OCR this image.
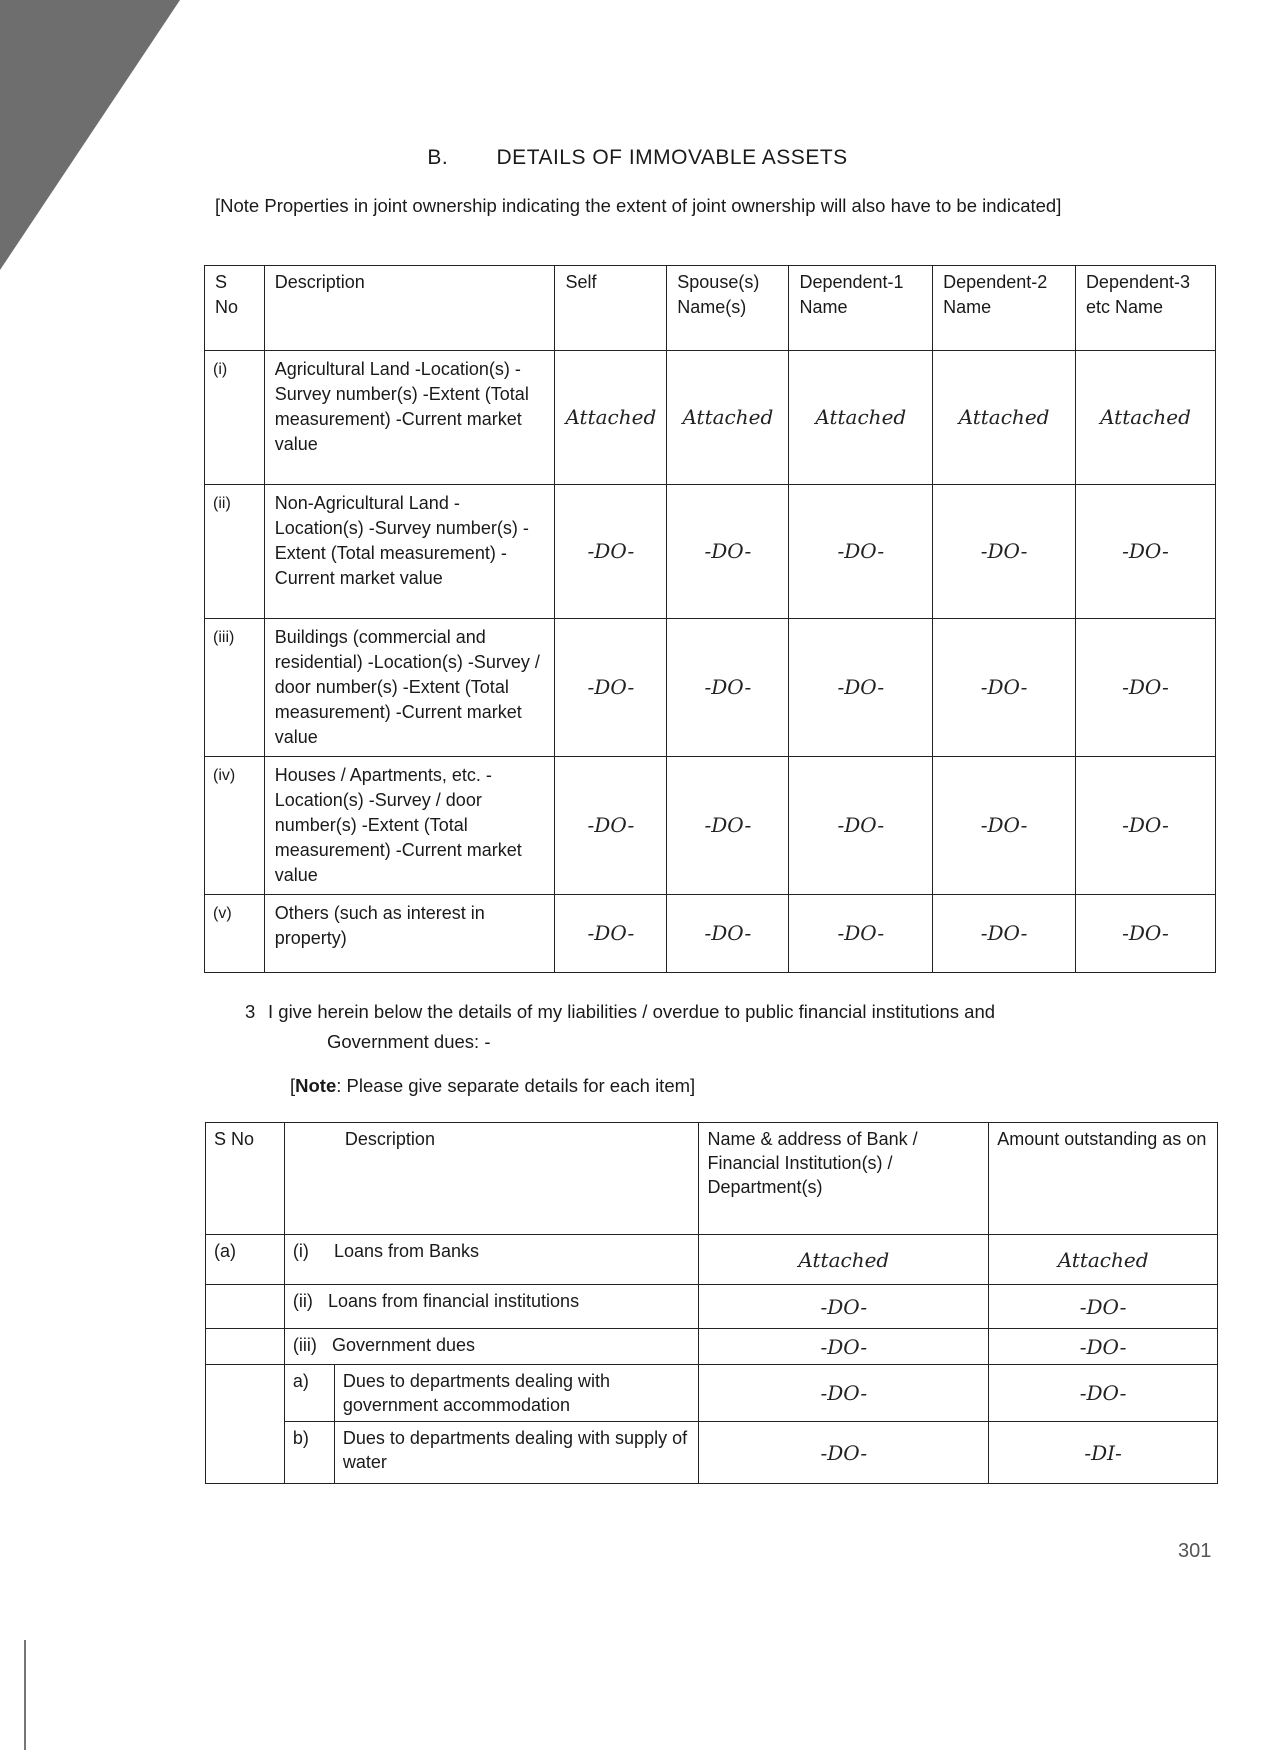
B. DETAILS OF IMMOVABLE ASSETS
[Note Properties in joint ownership indicating the extent of joint ownership will also have to be indicated]
S No	Description	Self	Spouse(s) Name(s)	Dependent-1 Name	Dependent-2 Name	Dependent-3 etc Name
(i)	Agricultural Land -Location(s) -Survey number(s) -Extent (Total measurement) -Current market value	Attached	Attached	Attached	Attached	Attached
(ii)	Non-Agricultural Land -Location(s) -Survey number(s) -Extent (Total measurement) -Current market value	-DO-	-DO-	-DO-	-DO-	-DO-
(iii)	Buildings (commercial and residential) -Location(s) -Survey / door number(s) -Extent (Total measurement) -Current market value	-DO-	-DO-	-DO-	-DO-	-DO-
(iv)	Houses / Apartments, etc. -Location(s) -Survey / door number(s) -Extent (Total measurement) -Current market value	-DO-	-DO-	-DO-	-DO-	-DO-
(v)	Others (such as interest in property)	-DO-	-DO-	-DO-	-DO-	-DO-
3 I give herein below the details of my liabilities / overdue to public financial institutions and
Government dues: -
[Note: Please give separate details for each item]
S No	Description		Name & address of Bank / Financial Institution(s) / Department(s)	Amount outstanding as on
(a)	(i) Loans from Banks		Attached	Attached
	(ii) Loans from financial institutions		-DO-	-DO-
	(iii) Government dues		-DO-	-DO-
	a)	Dues to departments dealing with government accommodation	-DO-	-DO-
	b)	Dues to departments dealing with supply of water	-DO-	-DI-
301
